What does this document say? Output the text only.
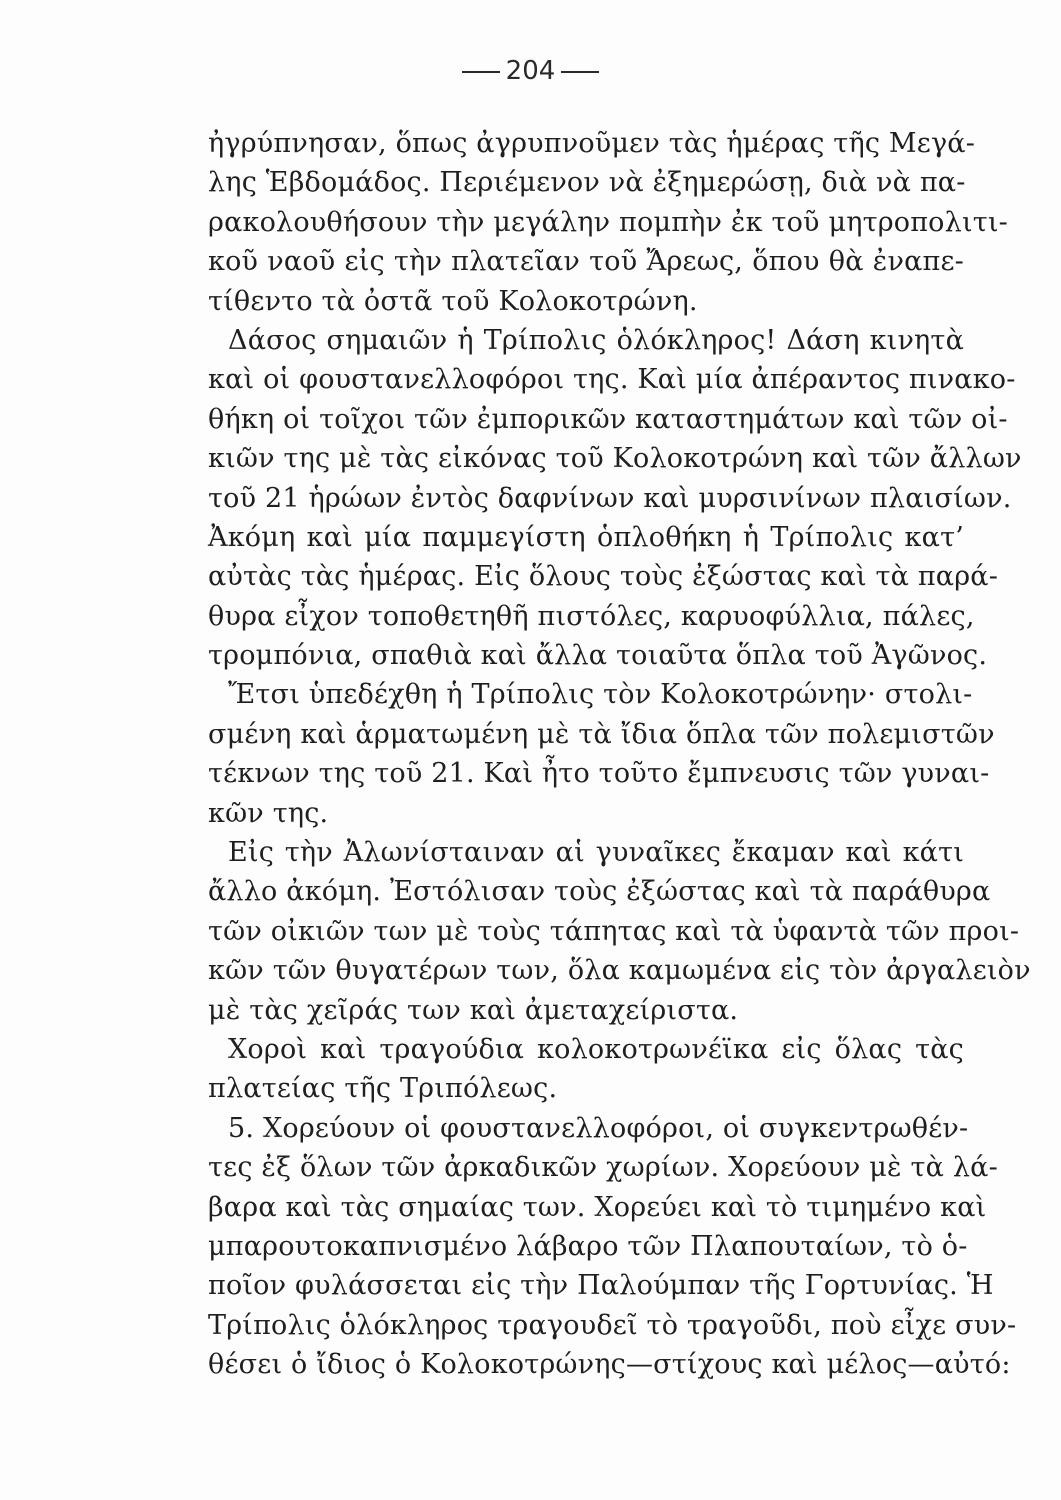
204
ἠγρύπνησαν, ὅπως ἀγρυπνοῦμεν τὰς ἡμέρας τῆς Μεγά-
λης Ἑβδομάδος. Περιέμενον νὰ ἐξημερώσῃ, διὰ νὰ πα-
ρακολουθήσουν τὴν μεγάλην πομπὴν ἐκ τοῦ μητροπολιτι-
κοῦ ναοῦ εἰς τὴν πλατεῖαν τοῦ Ἄρεως, ὅπου θὰ ἐναπε-
τίθεντο τὰ ὀστᾶ τοῦ Κολοκοτρώνη.
Δάσος σημαιῶν ἡ Τρίπολις ὁλόκληρος! Δάση κινητὰ
καὶ οἱ φουστανελλοφόροι της. Καὶ μία ἀπέραντος πινακο-
θήκη οἱ τοῖχοι τῶν ἐμπορικῶν καταστημάτων καὶ τῶν οἰ-
κιῶν της μὲ τὰς εἰκόνας τοῦ Κολοκοτρώνη καὶ τῶν ἄλλων
τοῦ 21 ἡρώων ἐντὸς δαφνίνων καὶ μυρσινίνων πλαισίων.
Ἀκόμη καὶ μία παμμεγίστη ὁπλοθήκη ἡ Τρίπολις κατ’
αὐτὰς τὰς ἡμέρας. Εἰς ὅλους τοὺς ἐξώστας καὶ τὰ παρά-
θυρα εἶχον τοποθετηθῆ πιστόλες, καρυοφύλλια, πάλες,
τρομπόνια, σπαθιὰ καὶ ἄλλα τοιαῦτα ὅπλα τοῦ Ἀγῶνος.
Ἔτσι ὑπεδέχθη ἡ Τρίπολις τὸν Κολοκοτρώνην· στολι-
σμένη καὶ ἁρματωμένη μὲ τὰ ἴδια ὅπλα τῶν πολεμιστῶν
τέκνων της τοῦ 21. Καὶ ἦτο τοῦτο ἔμπνευσις τῶν γυναι-
κῶν της.
Εἰς τὴν Ἀλωνίσταιναν αἱ γυναῖκες ἔκαμαν καὶ κάτι
ἄλλο ἀκόμη. Ἐστόλισαν τοὺς ἐξώστας καὶ τὰ παράθυρα
τῶν οἰκιῶν των μὲ τοὺς τάπητας καὶ τὰ ὑφαντὰ τῶν προι-
κῶν τῶν θυγατέρων των, ὅλα καμωμένα εἰς τὸν ἀργαλειὸν
μὲ τὰς χεῖράς των καὶ ἀμεταχείριστα.
Χοροὶ καὶ τραγούδια κολοκοτρωνέϊκα εἰς ὅλας τὰς
πλατείας τῆς Τριπόλεως.
5. Χορεύουν οἱ φουστανελλοφόροι, οἱ συγκεντρωθέν-
τες ἐξ ὅλων τῶν ἀρκαδικῶν χωρίων. Χορεύουν μὲ τὰ λά-
βαρα καὶ τὰς σημαίας των. Χορεύει καὶ τὸ τιμημένο καὶ
μπαρουτοκαπνισμένο λάβαρο τῶν Πλαπουταίων, τὸ ὁ-
ποῖον φυλάσσεται εἰς τὴν Παλούμπαν τῆς Γορτυνίας. Ἡ
Τρίπολις ὁλόκληρος τραγουδεῖ τὸ τραγοῦδι, ποὺ εἶχε συν-
θέσει ὁ ἴδιος ὁ Κολοκοτρώνης—στίχους καὶ μέλος—αὐτό:
